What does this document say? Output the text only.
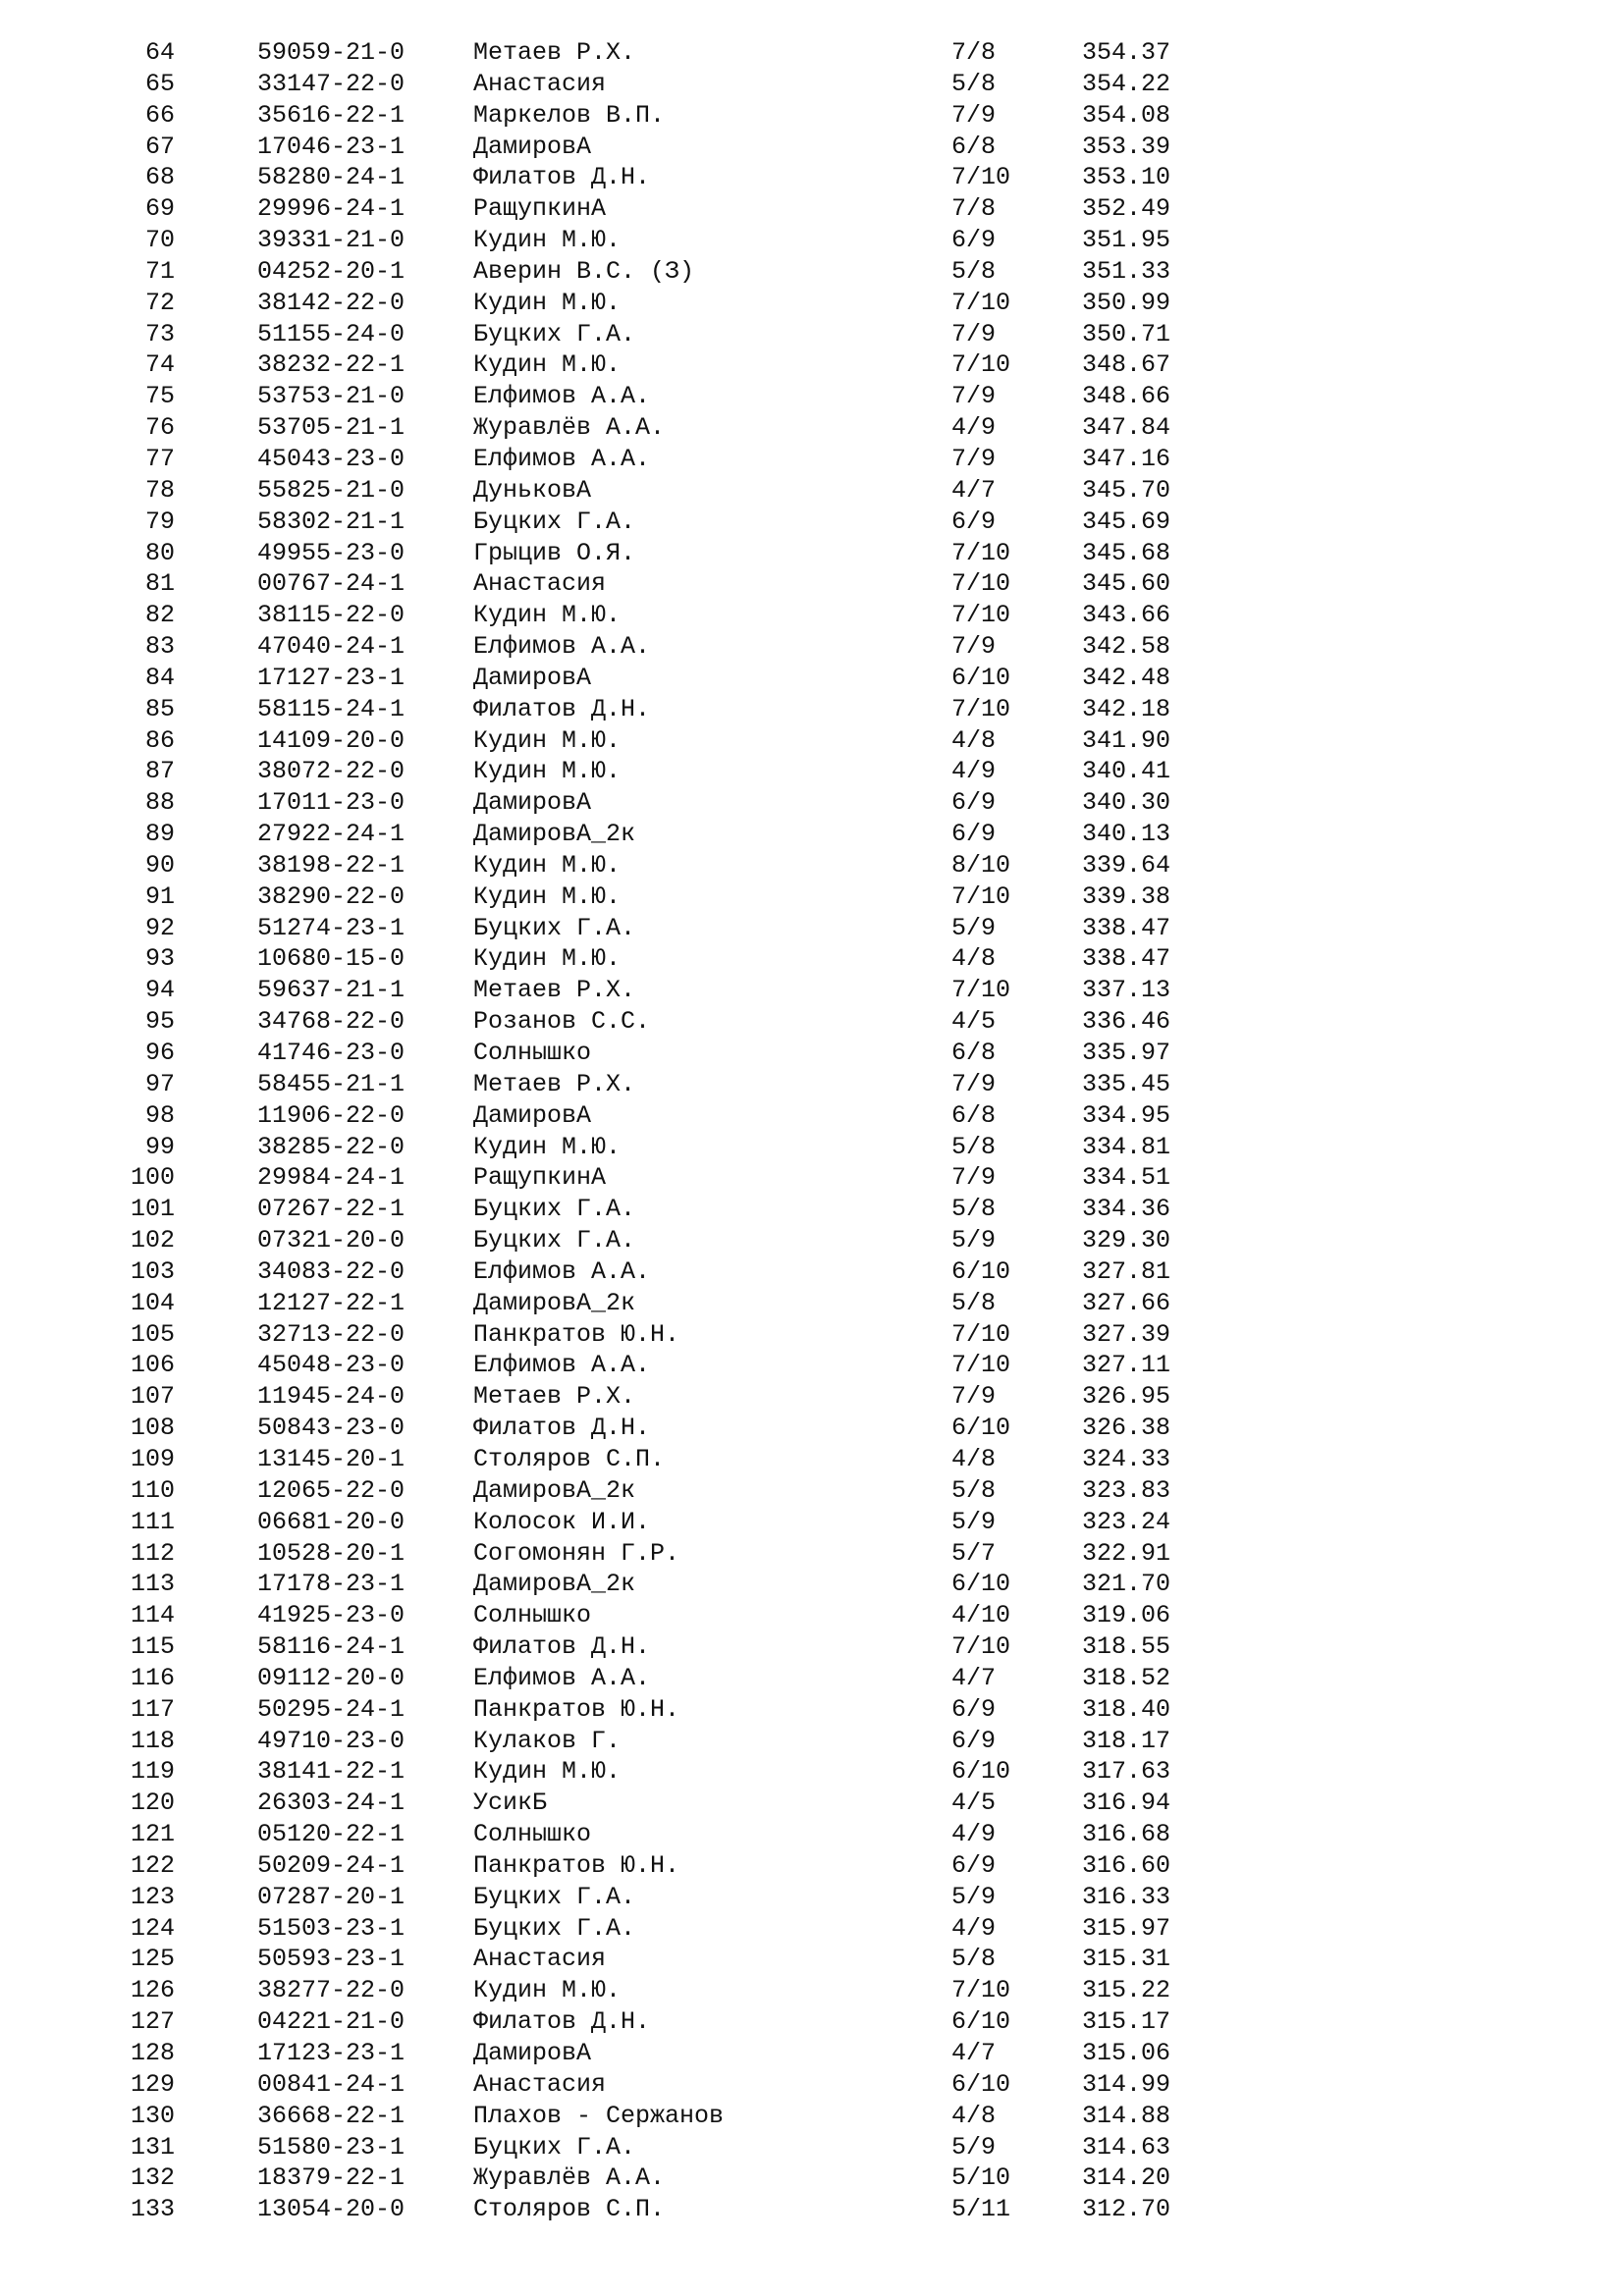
64	59059-21-0	Метаев Р.Х.	7/8	354.37
65	33147-22-0	Анастасия	5/8	354.22
66	35616-22-1	Маркелов В.П.	7/9	354.08
67	17046-23-1	ДамировА	6/8	353.39
68	58280-24-1	Филатов Д.Н.	7/10	353.10
69	29996-24-1	РащупкинА	7/8	352.49
70	39331-21-0	Кудин М.Ю.	6/9	351.95
71	04252-20-1	Аверин В.С. (З)	5/8	351.33
72	38142-22-0	Кудин М.Ю.	7/10	350.99
73	51155-24-0	Буцких Г.А.	7/9	350.71
74	38232-22-1	Кудин М.Ю.	7/10	348.67
75	53753-21-0	Елфимов А.А.	7/9	348.66
76	53705-21-1	Журавлёв А.А.	4/9	347.84
77	45043-23-0	Елфимов А.А.	7/9	347.16
78	55825-21-0	ДуньковА	4/7	345.70
79	58302-21-1	Буцких Г.А.	6/9	345.69
80	49955-23-0	Грыцив О.Я.	7/10	345.68
81	00767-24-1	Анастасия	7/10	345.60
82	38115-22-0	Кудин М.Ю.	7/10	343.66
83	47040-24-1	Елфимов А.А.	7/9	342.58
84	17127-23-1	ДамировА	6/10	342.48
85	58115-24-1	Филатов Д.Н.	7/10	342.18
86	14109-20-0	Кудин М.Ю.	4/8	341.90
87	38072-22-0	Кудин М.Ю.	4/9	340.41
88	17011-23-0	ДамировА	6/9	340.30
89	27922-24-1	ДамировА_2к	6/9	340.13
90	38198-22-1	Кудин М.Ю.	8/10	339.64
91	38290-22-0	Кудин М.Ю.	7/10	339.38
92	51274-23-1	Буцких Г.А.	5/9	338.47
93	10680-15-0	Кудин М.Ю.	4/8	338.47
94	59637-21-1	Метаев Р.Х.	7/10	337.13
95	34768-22-0	Розанов С.С.	4/5	336.46
96	41746-23-0	Солнышко	6/8	335.97
97	58455-21-1	Метаев Р.Х.	7/9	335.45
98	11906-22-0	ДамировА	6/8	334.95
99	38285-22-0	Кудин М.Ю.	5/8	334.81
100	29984-24-1	РащупкинА	7/9	334.51
101	07267-22-1	Буцких Г.А.	5/8	334.36
102	07321-20-0	Буцких Г.А.	5/9	329.30
103	34083-22-0	Елфимов А.А.	6/10	327.81
104	12127-22-1	ДамировА_2к	5/8	327.66
105	32713-22-0	Панкратов Ю.Н.	7/10	327.39
106	45048-23-0	Елфимов А.А.	7/10	327.11
107	11945-24-0	Метаев Р.Х.	7/9	326.95
108	50843-23-0	Филатов Д.Н.	6/10	326.38
109	13145-20-1	Столяров С.П.	4/8	324.33
110	12065-22-0	ДамировА_2к	5/8	323.83
111	06681-20-0	Колосок И.И.	5/9	323.24
112	10528-20-1	Согомонян Г.Р.	5/7	322.91
113	17178-23-1	ДамировА_2к	6/10	321.70
114	41925-23-0	Солнышко	4/10	319.06
115	58116-24-1	Филатов Д.Н.	7/10	318.55
116	09112-20-0	Елфимов А.А.	4/7	318.52
117	50295-24-1	Панкратов Ю.Н.	6/9	318.40
118	49710-23-0	Кулаков Г.	6/9	318.17
119	38141-22-1	Кудин М.Ю.	6/10	317.63
120	26303-24-1	УсикБ	4/5	316.94
121	05120-22-1	Солнышко	4/9	316.68
122	50209-24-1	Панкратов Ю.Н.	6/9	316.60
123	07287-20-1	Буцких Г.А.	5/9	316.33
124	51503-23-1	Буцких Г.А.	4/9	315.97
125	50593-23-1	Анастасия	5/8	315.31
126	38277-22-0	Кудин М.Ю.	7/10	315.22
127	04221-21-0	Филатов Д.Н.	6/10	315.17
128	17123-23-1	ДамировА	4/7	315.06
129	00841-24-1	Анастасия	6/10	314.99
130	36668-22-1	Плахов - Сержанов	4/8	314.88
131	51580-23-1	Буцких Г.А.	5/9	314.63
132	18379-22-1	Журавлёв А.А.	5/10	314.20
133	13054-20-0	Столяров С.П.	5/11	312.70
